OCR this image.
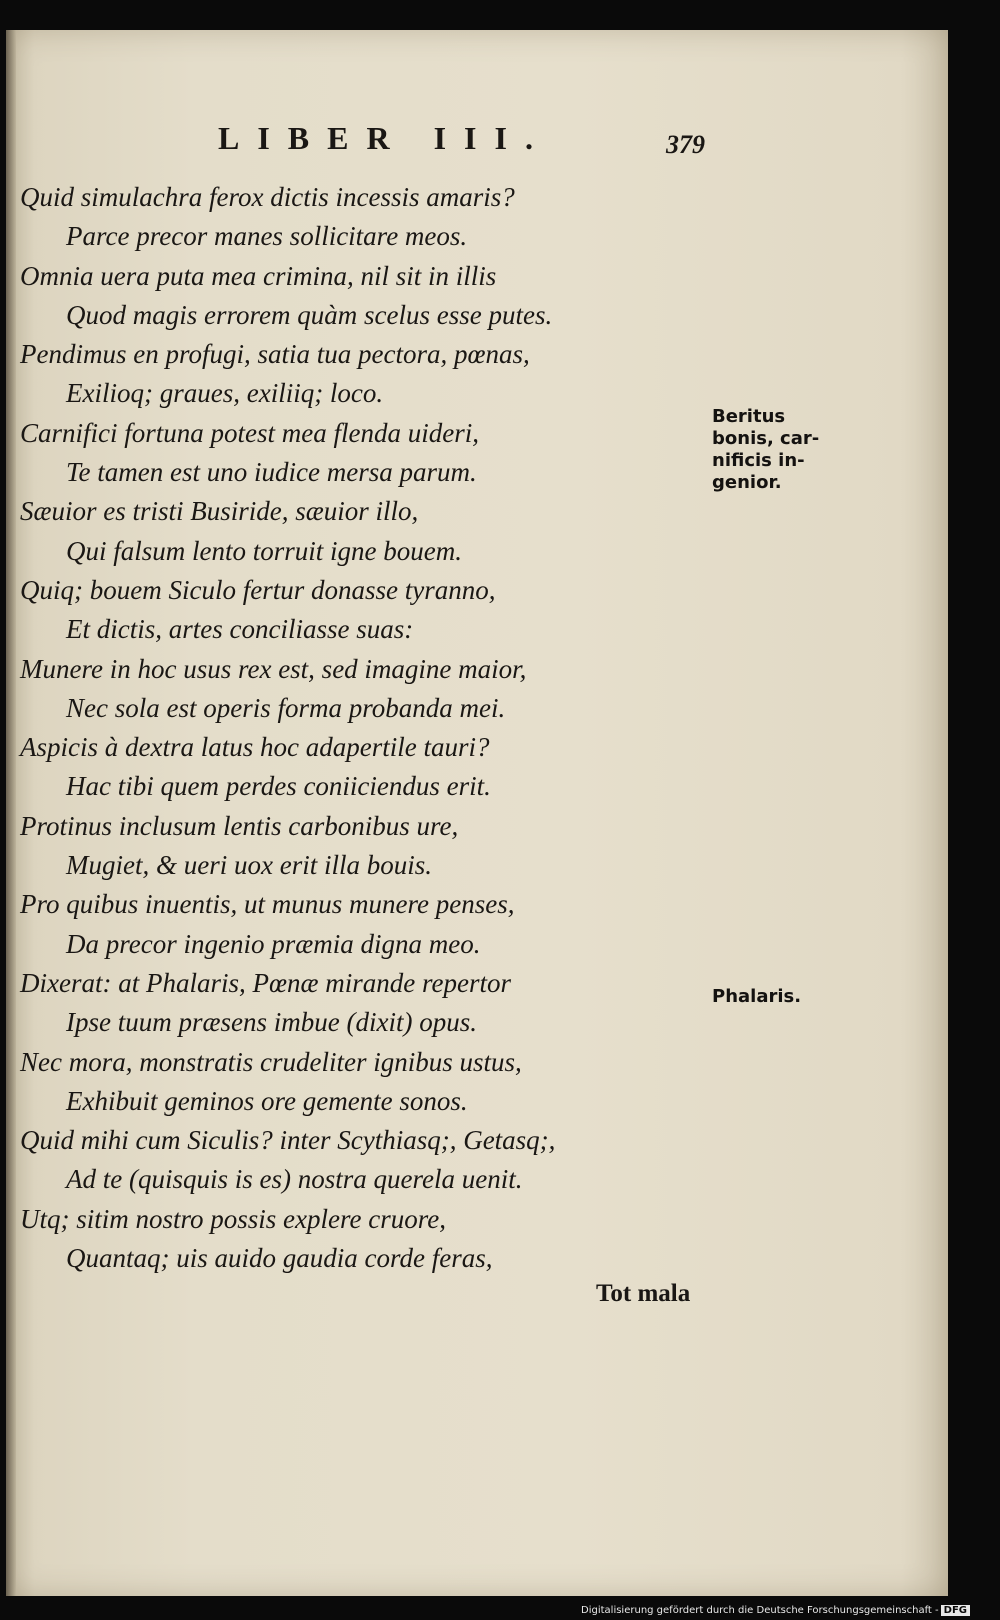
LIBER III.	379
Quid simulachra ferox dictis incessis amaris?
Parce precor manes sollicitare meos.
Omnia uera puta mea crimina, nil sit in illis
Quod magis errorem quàm scelus esse putes.
Pendimus en profugi, satia tua pectora, pœnas,
Exilioq; graues, exiliiq; loco.
Carnifici fortuna potest mea flenda uideri,
Te tamen est uno iudice mersa parum.
Sæuior es tristi Busiride, sæuior illo,
Qui falsum lento torruit igne bouem.
Quiq; bouem Siculo fertur donasse tyranno,
Et dictis, artes conciliasse suas:
Munere in hoc usus rex est, sed imagine maior,
Nec sola est operis forma probanda mei.
Aspicis à dextra latus hoc adapertile tauri?
Hac tibi quem perdes coniiciendus erit.
Protinus inclusum lentis carbonibus ure,
Mugiet, & ueri uox erit illa bouis.
Pro quibus inuentis, ut munus munere penses,
Da precor ingenio præmia digna meo.
Dixerat: at Phalaris, Pœnæ mirande repertor
Ipse tuum præsens imbue (dixit) opus.
Nec mora, monstratis crudeliter ignibus ustus,
Exhibuit geminos ore gemente sonos.
Quid mihi cum Siculis? inter Scythiasq;, Getasq;,
Ad te (quisquis is es) nostra querela uenit.
Utq; sitim nostro possis explere cruore,
Quantaq; uis auido gaudia corde feras,
Beritus
bonis, car-
nificis in-
genior.
Phalaris.
Tot mala
Digitalisierung gefördert durch die Deutsche Forschungsgemeinschaft - DFG
